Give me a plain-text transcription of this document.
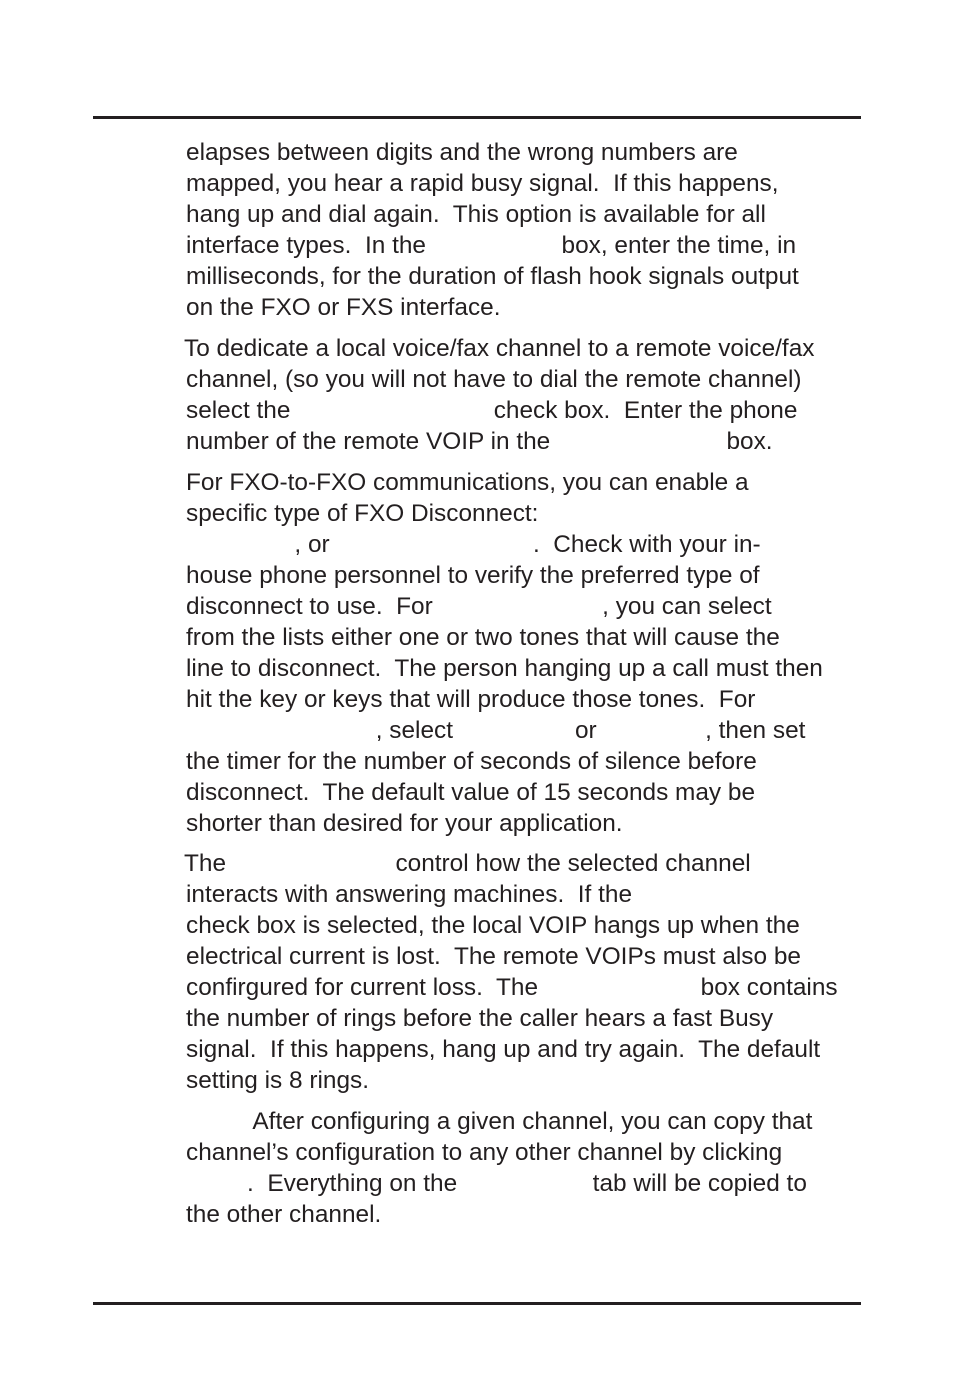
elapses between digits and the wrong numbers are
mapped, you hear a rapid busy signal.  If this happens,
hang up and dial again.  This option is available for all
interface types.  In the                    box, enter the time, in
milliseconds, for the duration of flash hook signals output
on the FXO or FXS interface.
To dedicate a local voice/fax channel to a remote voice/fax
channel, (so you will not have to dial the remote channel)
select the                              check box.  Enter the phone
number of the remote VOIP in the                          box.
For FXO-to-FXO communications, you can enable a
specific type of FXO Disconnect:
, or                              .  Check with your in-
house phone personnel to verify the preferred type of
disconnect to use.  For                         , you can select
from the lists either one or two tones that will cause the
line to disconnect.  The person hanging up a call must then
hit the key or keys that will produce those tones.  For
, select                  or                , then set
the timer for the number of seconds of silence before
disconnect.  The default value of 15 seconds may be
shorter than desired for your application.
The                         control how the selected channel
interacts with answering machines.  If the
check box is selected, the local VOIP hangs up when the
electrical current is lost.  The remote VOIPs must also be
confirgured for current loss.  The                        box contains
the number of rings before the caller hears a fast Busy
signal.  If this happens, hang up and try again.  The default
setting is 8 rings.
After configuring a given channel, you can copy that
channel’s configuration to any other channel by clicking
.  Everything on the                    tab will be copied to
the other channel.
